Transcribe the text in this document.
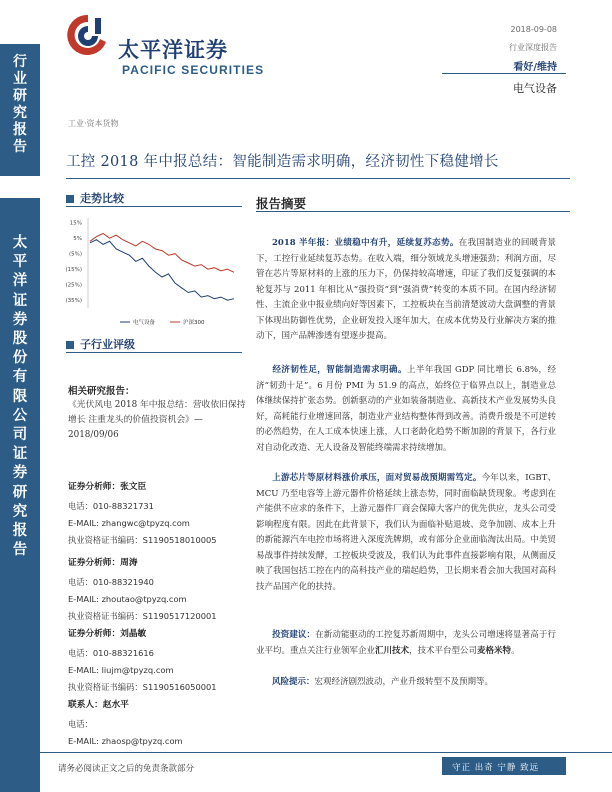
行业研究报告
太平洋证券股份有限公司证券研究报告
太平洋证券
PACIFIC SECURITIES
2018-09-08
行业深度报告
看好/维持
电气设备
工业·资本货物
工控 2018 年中报总结：智能制造需求明确，经济韧性下稳健增长
走势比较
15%
5%
(5%)
(15%)
(25%)
(35%)
电气设备	沪深300
子行业评级
相关研究报告：
《光伏风电 2018 年中报总结：营收依旧保持增长 注重龙头的价值投资机会》—2018/09/06
证券分析师：张文臣
电话：010-88321731
E-MAIL: zhangwc@tpyzq.com
执业资格证书编码：S1190518010005
证券分析师：周涛
电话：010-88321940
E-MAIL: zhoutao@tpyzq.com
执业资格证书编码：S1190517120001
证券分析师：刘晶敏
电话：010-88321616
E-MAIL: liujm@tpyzq.com
执业资格证书编码：S1190516050001
联系人：赵水平
电话：
E-MAIL: zhaosp@tpyzq.com
报告摘要
2018 半年报：业绩稳中有升，延续复苏态势。在我国制造业的回暖背景下，工控行业延续复苏态势。在收入端，细分领域龙头增速强劲；利润方面，尽管在芯片等原材料的上涨的压力下，仍保持较高增速，印证了我们反复强调的本轮复苏与 2011 年相比从“强投资”到“强消费”转变的本质不同。在国内经济韧性、主流企业中报业绩向好等因素下，工控板块在当前清楚波动大盘调整的背景下体现出防御性优势，企业研发投入逐年加大，在成本优势及行业解决方案的推动下，国产品牌渗透有望逐步提高。
经济韧性足，智能制造需求明确。上半年我国 GDP 同比增长 6.8%，经济“韧劲十足”。6 月份 PMI 为 51.9 的高点，始终位于临界点以上，制造业总体继续保持扩张态势。创新驱动的产业如装备制造业、高新技术产业发展势头良好，高耗能行业增速回落，制造业产业结构整体得到改善。消费升级是不可逆转的必然趋势，在人工成本快速上涨，人口老龄化趋势不断加剧的背景下，各行业对自动化改造、无人设备及智能终端需求持续增加。
上游芯片等原材料涨价承压，面对贸易战预期需笃定。今年以来，IGBT、MCU 乃至电容等上游元器件价格延续上涨态势，同时面临缺货现象。考虑到在产能供不应求的条件下，上游元器件厂商会保障大客户的优先供应，龙头公司受影响程度有限。因此在此背景下，我们认为面临补贴退坡、竞争加剧、成本上升的新能源汽车电控市场将进入深度洗牌期，或有部分企业面临淘汰出局。中美贸易战事件持续发酵，工控板块受波及，我们认为此事件直接影响有限，从侧面反映了我国包括工控在内的高科技产业的瑞起趋势，卫长期来看会加大我国对高科技产品国产化的扶持。
投资建议：在新动能驱动的工控复苏新周期中，龙头公司增速将显著高于行业平均。重点关注行业领军企业汇川技术，技术平台型公司麦格米特。
风险提示：宏观经济剧烈波动，产业升级转型不及预期等。
请务必阅读正文之后的免责条款部分	守正 出奇 宁静 致远
